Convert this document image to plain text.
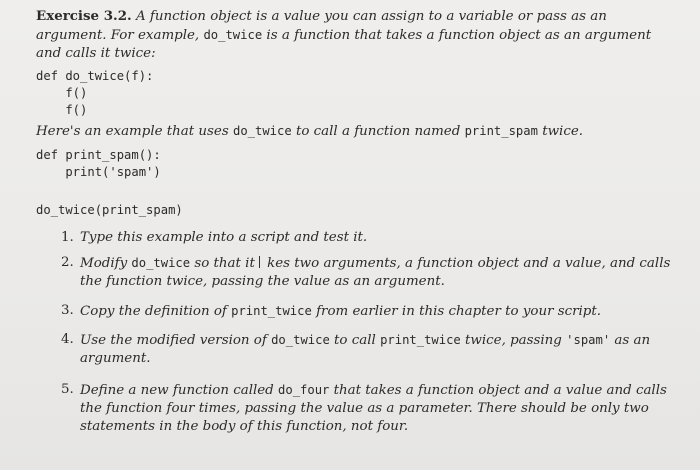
Exercise 3.2. A function object is a value you can assign to a variable or pass as an argument. For example, do_twice is a function that takes a function object as an argument and calls it twice:

def do_twice(f):
f()
f()

Here's an example that uses do_twice to call a function named print_spam twice.

def print_spam():
print('spam')
do_twice(print_spam)
1. Type this example into a script and test it.
2. Modify do_twice so that it kes two arguments, a function object and a value, and calls the function twice, passing the value as an argument.
3. Copy the definition of print_twice from earlier in this chapter to your script.
4. Use the modified version of do_twice to call print_twice twice, passing 'spam' as an argument.
5. Define a new function called do_four that takes a function object and a value and calls the function four times, passing the value as a parameter. There should be only two statements in the body of this function, not four.
